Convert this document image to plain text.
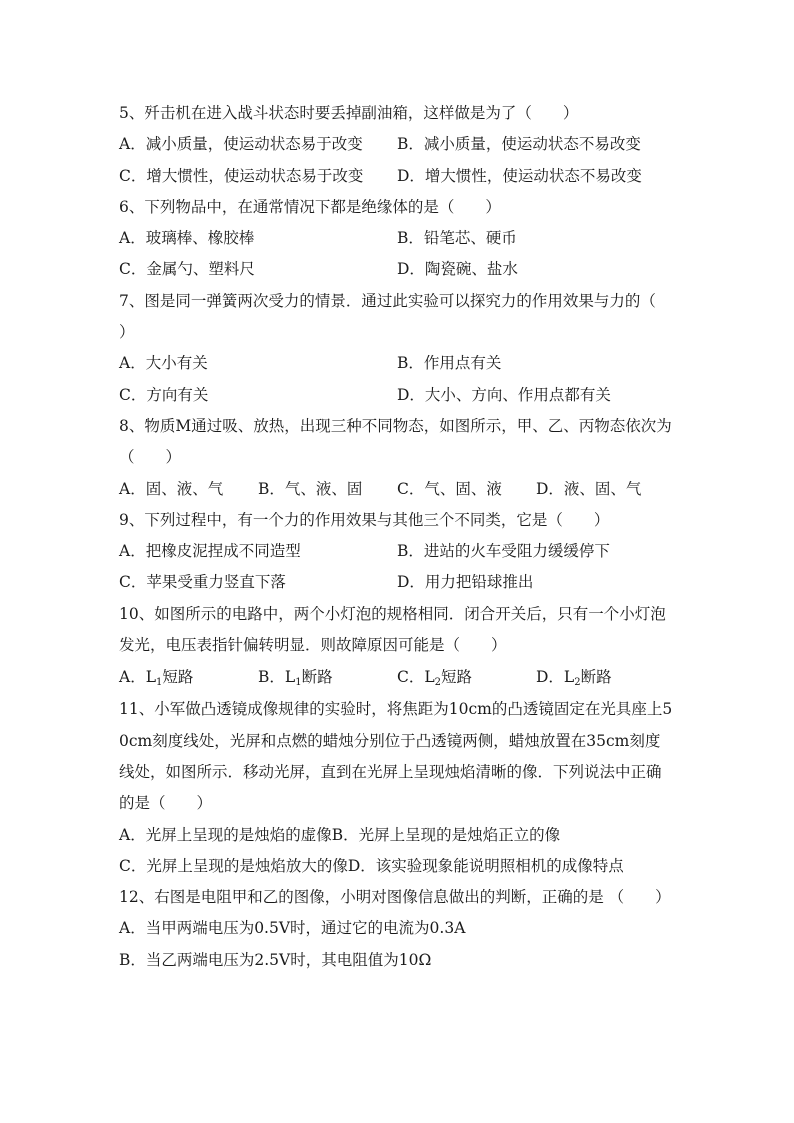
5、歼击机在进入战斗状态时要丢掉副油箱，这样做是为了（　　）
A．减小质量，使运动状态易于改变	B．减小质量，使运动状态不易改变
C．增大惯性，使运动状态易于改变	D．增大惯性，使运动状态不易改变
6、下列物品中，在通常情况下都是绝缘体的是（　　）
A．玻璃棒、橡胶棒	B．铅笔芯、硬币
C．金属勺、塑料尺	D．陶瓷碗、盐水
7、图是同一弹簧两次受力的情景．通过此实验可以探究力的作用效果与力的（　　）
A．大小有关	B．作用点有关
C．方向有关	D．大小、方向、作用点都有关
8、物质M通过吸、放热，出现三种不同物态，如图所示，甲、乙、丙物态依次为（　　）
A．固、液、气	B．气、液、固	C．气、固、液	D．液、固、气
9、下列过程中，有一个力的作用效果与其他三个不同类，它是（　　）
A．把橡皮泥捏成不同造型	B．进站的火车受阻力缓缓停下
C．苹果受重力竖直下落	D．用力把铅球推出
10、如图所示的电路中，两个小灯泡的规格相同．闭合开关后，只有一个小灯泡发光，电压表指针偏转明显．则故障原因可能是（　　）
A．$L_1$短路	B．$L_1$断路	C．$L_2$短路	D．$L_2$断路
11、小军做凸透镜成像规律的实验时，将焦距为10cm的凸透镜固定在光具座上50cm刻度线处，光屏和点燃的蜡烛分别位于凸透镜两侧，蜡烛放置在35cm刻度线处，如图所示．移动光屏，直到在光屏上呈现烛焰清晰的像．下列说法中正确的是（　　）
A．光屏上呈现的是烛焰的虚像B．光屏上呈现的是烛焰正立的像
C．光屏上呈现的是烛焰放大的像D．该实验现象能说明照相机的成像特点
12、右图是电阻甲和乙的图像，小明对图像信息做出的判断，正确的是 （　　）
A．当甲两端电压为0.5V时，通过它的电流为0.3A
B．当乙两端电压为2.5V时，其电阻值为10Ω
